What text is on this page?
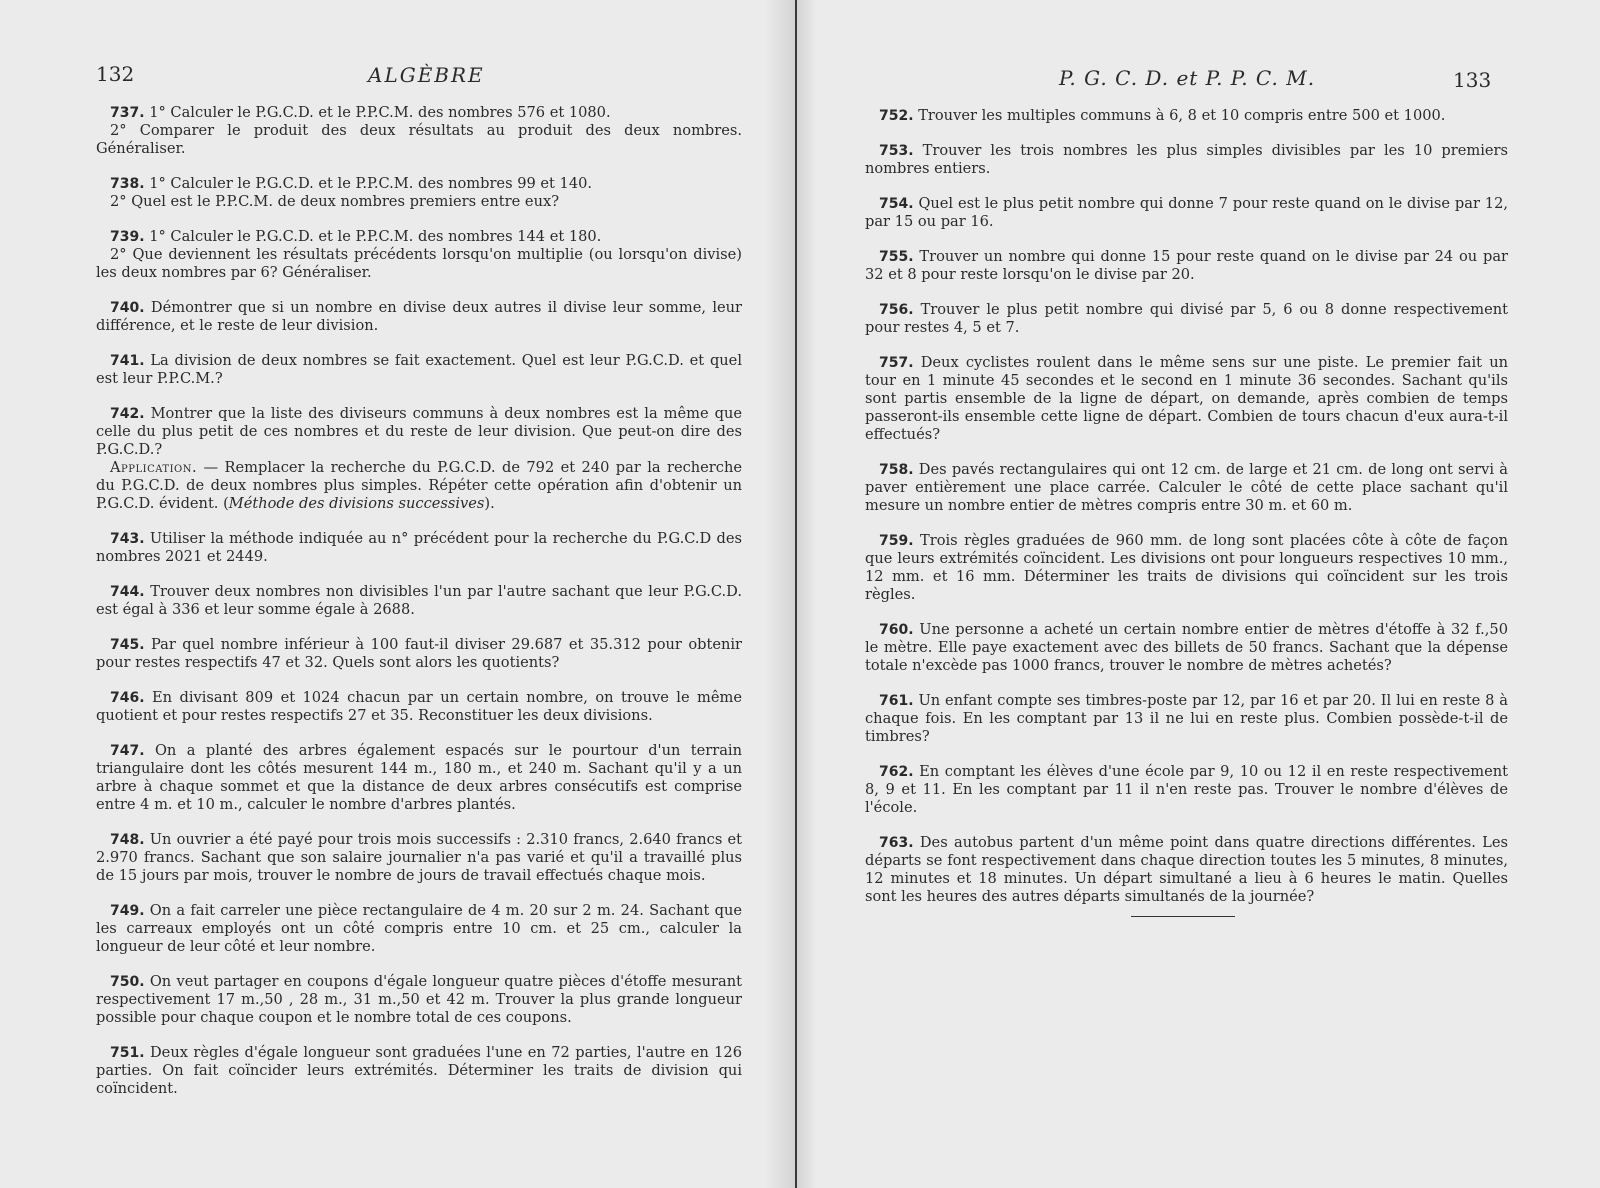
132	ALGÈBRE

737. 1° Calculer le P.G.C.D. et le P.P.C.M. des nombres 576 et 1080.

2° Comparer le produit des deux résultats au produit des deux nombres. Généraliser.

738. 1° Calculer le P.G.C.D. et le P.P.C.M. des nombres 99 et 140.

2° Quel est le P.P.C.M. de deux nombres premiers entre eux?

739. 1° Calculer le P.G.C.D. et le P.P.C.M. des nombres 144 et 180.

2° Que deviennent les résultats précédents lorsqu'on multiplie (ou lorsqu'on divise) les deux nombres par 6? Généraliser.

740. Démontrer que si un nombre en divise deux autres il divise leur somme, leur différence, et le reste de leur division.

741. La division de deux nombres se fait exactement. Quel est leur P.G.C.D. et quel est leur P.P.C.M.?

742. Montrer que la liste des diviseurs communs à deux nombres est la même que celle du plus petit de ces nombres et du reste de leur division. Que peut-on dire des P.G.C.D.?

Application. — Remplacer la recherche du P.G.C.D. de 792 et 240 par la recherche du P.G.C.D. de deux nombres plus simples. Répéter cette opération afin d'obtenir un P.G.C.D. évident. (Méthode des divisions successives).

743. Utiliser la méthode indiquée au n° précédent pour la recherche du P.G.C.D des nombres 2021 et 2449.

744. Trouver deux nombres non divisibles l'un par l'autre sachant que leur P.G.C.D. est égal à 336 et leur somme égale à 2688.

745. Par quel nombre inférieur à 100 faut-il diviser 29.687 et 35.312 pour obtenir pour restes respectifs 47 et 32. Quels sont alors les quotients?

746. En divisant 809 et 1024 chacun par un certain nombre, on trouve le même quotient et pour restes respectifs 27 et 35. Reconstituer les deux divisions.

747. On a planté des arbres également espacés sur le pourtour d'un terrain triangulaire dont les côtés mesurent 144 m., 180 m., et 240 m. Sachant qu'il y a un arbre à chaque sommet et que la distance de deux arbres consécutifs est comprise entre 4 m. et 10 m., calculer le nombre d'arbres plantés.

748. Un ouvrier a été payé pour trois mois successifs : 2.310 francs, 2.640 francs et 2.970 francs. Sachant que son salaire journalier n'a pas varié et qu'il a travaillé plus de 15 jours par mois, trouver le nombre de jours de travail effectués chaque mois.

749. On a fait carreler une pièce rectangulaire de 4 m. 20 sur 2 m. 24. Sachant que les carreaux employés ont un côté compris entre 10 cm. et 25 cm., calculer la longueur de leur côté et leur nombre.

750. On veut partager en coupons d'égale longueur quatre pièces d'étoffe mesurant respectivement 17 m.,50 , 28 m., 31 m.,50 et 42 m. Trouver la plus grande longueur possible pour chaque coupon et le nombre total de ces coupons.

751. Deux règles d'égale longueur sont graduées l'une en 72 parties, l'autre en 126 parties. On fait coïncider leurs extrémités. Déterminer les traits de division qui coïncident.

P. G. C. D. et P. P. C. M.	133

752. Trouver les multiples communs à 6, 8 et 10 compris entre 500 et 1000.

753. Trouver les trois nombres les plus simples divisibles par les 10 premiers nombres entiers.

754. Quel est le plus petit nombre qui donne 7 pour reste quand on le divise par 12, par 15 ou par 16.

755. Trouver un nombre qui donne 15 pour reste quand on le divise par 24 ou par 32 et 8 pour reste lorsqu'on le divise par 20.

756. Trouver le plus petit nombre qui divisé par 5, 6 ou 8 donne respectivement pour restes 4, 5 et 7.

757. Deux cyclistes roulent dans le même sens sur une piste. Le premier fait un tour en 1 minute 45 secondes et le second en 1 minute 36 secondes. Sachant qu'ils sont partis ensemble de la ligne de départ, on demande, après combien de temps passeront-ils ensemble cette ligne de départ. Combien de tours chacun d'eux aura-t-il effectués?

758. Des pavés rectangulaires qui ont 12 cm. de large et 21 cm. de long ont servi à paver entièrement une place carrée. Calculer le côté de cette place sachant qu'il mesure un nombre entier de mètres compris entre 30 m. et 60 m.

759. Trois règles graduées de 960 mm. de long sont placées côte à côte de façon que leurs extrémités coïncident. Les divisions ont pour longueurs respectives 10 mm., 12 mm. et 16 mm. Déterminer les traits de divisions qui coïncident sur les trois règles.

760. Une personne a acheté un certain nombre entier de mètres d'étoffe à 32 f.,50 le mètre. Elle paye exactement avec des billets de 50 francs. Sachant que la dépense totale n'excède pas 1000 francs, trouver le nombre de mètres achetés?

761. Un enfant compte ses timbres-poste par 12, par 16 et par 20. Il lui en reste 8 à chaque fois. En les comptant par 13 il ne lui en reste plus. Combien possède-t-il de timbres?

762. En comptant les élèves d'une école par 9, 10 ou 12 il en reste respectivement 8, 9 et 11. En les comptant par 11 il n'en reste pas. Trouver le nombre d'élèves de l'école.

763. Des autobus partent d'un même point dans quatre directions différentes. Les départs se font respectivement dans chaque direction toutes les 5 minutes, 8 minutes, 12 minutes et 18 minutes. Un départ simultané a lieu à 6 heures le matin. Quelles sont les heures des autres départs simultanés de la journée?
